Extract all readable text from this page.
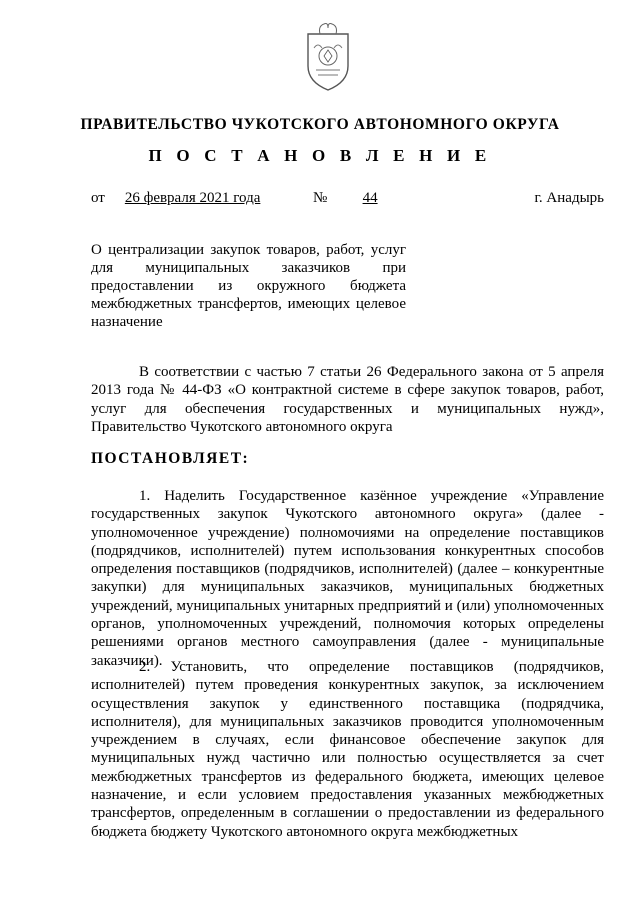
ПРАВИТЕЛЬСТВО ЧУКОТСКОГО АВТОНОМНОГО ОКРУГА
П О С Т А Н О В Л Е Н И Е
от 26 февраля 2021 года	№ 44	г. Анадырь
О централизации закупок товаров, работ, услуг
для муниципальных заказчиков при
предоставлении из окружного бюджета
межбюджетных трансфертов, имеющих целевое
назначение

В соответствии с частью 7 статьи 26 Федерального закона от 5 апреля 2013 года № 44-ФЗ «О контрактной системе в сфере закупок товаров, работ, услуг для обеспечения государственных и муниципальных нужд», Правительство Чукотского автономного округа

ПОСТАНОВЛЯЕТ:

1. Наделить Государственное казённое учреждение «Управление государственных закупок Чукотского автономного округа» (далее - уполномоченное учреждение) полномочиями на определение поставщиков (подрядчиков, исполнителей) путем использования конкурентных способов определения поставщиков (подрядчиков, исполнителей) (далее – конкурентные закупки) для муниципальных заказчиков, муниципальных бюджетных учреждений, муниципальных унитарных предприятий и (или) уполномоченных органов, уполномоченных учреждений, полномочия которых определены решениями органов местного самоуправления (далее - муниципальные заказчики).

2. Установить, что определение поставщиков (подрядчиков, исполнителей) путем проведения конкурентных закупок, за исключением осуществления закупок у единственного поставщика (подрядчика, исполнителя), для муниципальных заказчиков проводится уполномоченным учреждением в случаях, если финансовое обеспечение закупок для муниципальных нужд частично или полностью осуществляется за счет межбюджетных трансфертов из федерального бюджета, имеющих целевое назначение, и если условием предоставления указанных межбюджетных трансфертов, определенным в соглашении о предоставлении из федерального бюджета бюджету Чукотского автономного округа межбюджетных
